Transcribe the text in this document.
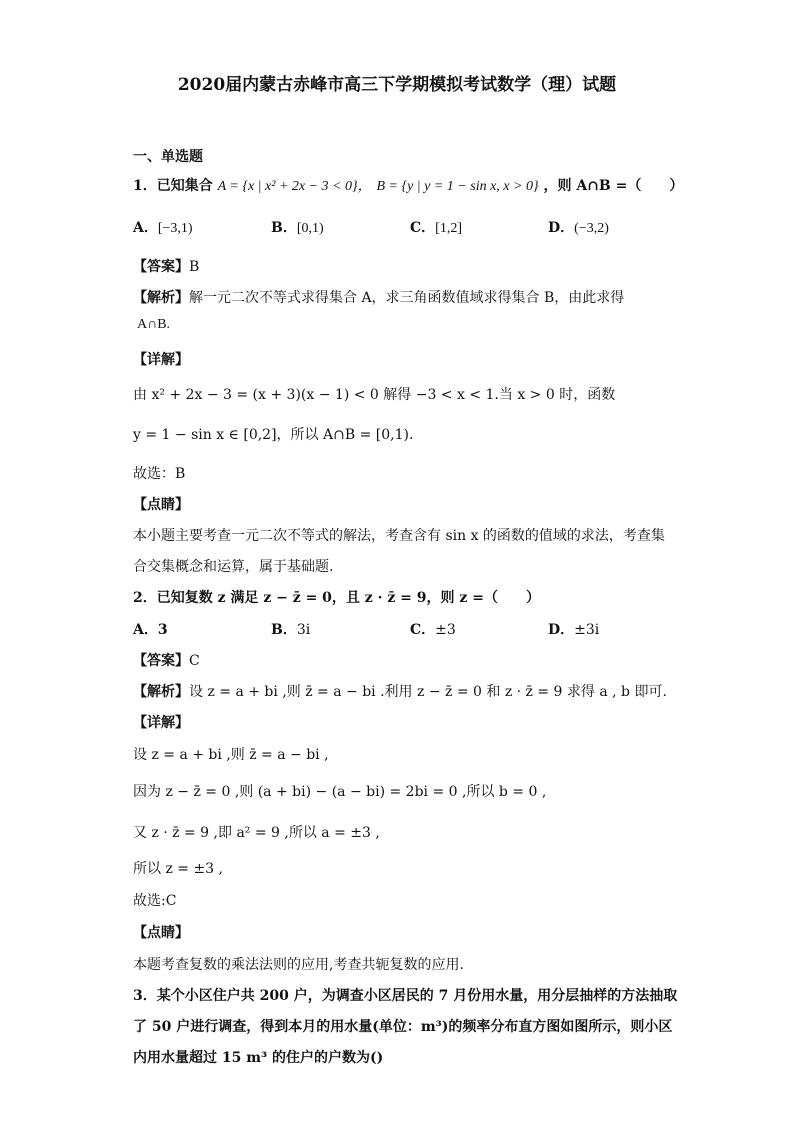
2020届内蒙古赤峰市高三下学期模拟考试数学（理）试题
一、单选题
1．已知集合 A = {x | x² + 2x − 3 < 0}， B = {y | y = 1 − sin x, x > 0} ，则 A∩B =（　　）
A．[−3,1)	B．[0,1)	C．[1,2]	D．(−3,2)
【答案】B
【解析】解一元二次不等式求得集合 A，求三角函数值域求得集合 B，由此求得
A∩B.
【详解】
由 x² + 2x − 3 = (x + 3)(x − 1) < 0 解得 −3 < x < 1.当 x > 0 时，函数
y = 1 − sin x ∈ [0,2]，所以 A∩B = [0,1).
故选：B
【点睛】
本小题主要考查一元二次不等式的解法，考查含有 sin x 的函数的值域的求法，考查集
合交集概念和运算，属于基础题.
2．已知复数 z 满足 z − z̄ = 0，且 z · z̄ = 9，则 z =（　　）
A．3	B．3i	C．±3	D．±3i
【答案】C
【解析】设 z = a + bi ,则 z̄ = a − bi .利用 z − z̄ = 0 和 z · z̄ = 9 求得 a , b 即可.
【详解】
设 z = a + bi ,则 z̄ = a − bi ,
因为 z − z̄ = 0 ,则 (a + bi) − (a − bi) = 2bi = 0 ,所以 b = 0 ,
又 z · z̄ = 9 ,即 a² = 9 ,所以 a = ±3 ,
所以 z = ±3 ,
故选:C
【点睛】
本题考查复数的乘法法则的应用,考查共轭复数的应用.
3．某个小区住户共 200 户，为调查小区居民的 7 月份用水量，用分层抽样的方法抽取
了 50 户进行调查，得到本月的用水量(单位：m³)的频率分布直方图如图所示，则小区
内用水量超过 15 m³ 的住户的户数为()
